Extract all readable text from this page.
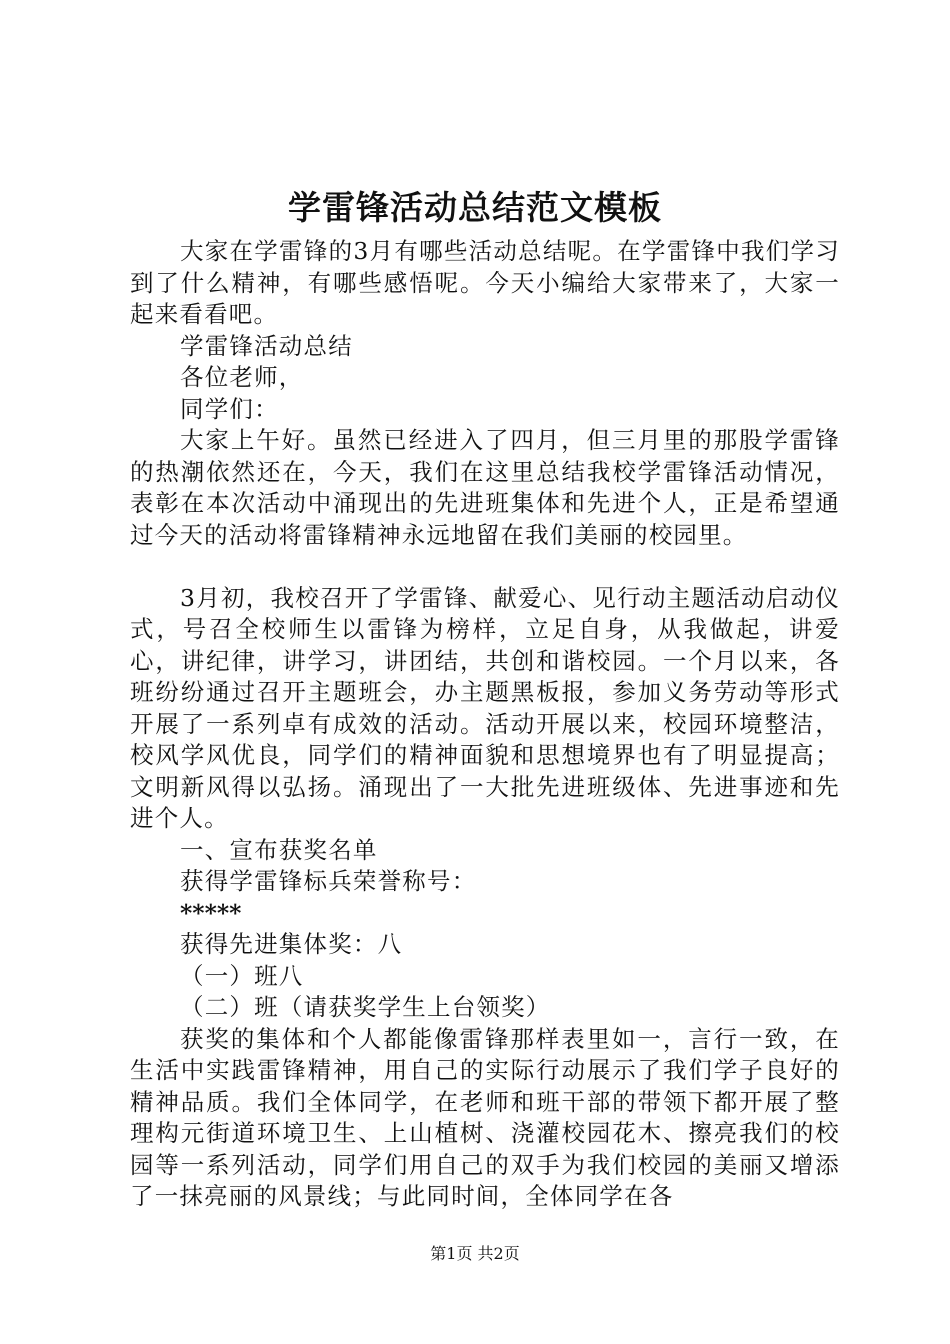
学雷锋活动总结范文模板

大家在学雷锋的3月有哪些活动总结呢。在学雷锋中我们学习到了什么精神，有哪些感悟呢。今天小编给大家带来了，大家一起来看看吧。

学雷锋活动总结

各位老师，

同学们：

大家上午好。虽然已经进入了四月，但三月里的那股学雷锋的热潮依然还在，今天，我们在这里总结我校学雷锋活动情况，表彰在本次活动中涌现出的先进班集体和先进个人，正是希望通过今天的活动将雷锋精神永远地留在我们美丽的校园里。

3月初，我校召开了学雷锋、献爱心、见行动主题活动启动仪式，号召全校师生以雷锋为榜样，立足自身，从我做起，讲爱心，讲纪律，讲学习，讲团结，共创和谐校园。一个月以来，各班纷纷通过召开主题班会，办主题黑板报，参加义务劳动等形式开展了一系列卓有成效的活动。活动开展以来，校园环境整洁，校风学风优良，同学们的精神面貌和思想境界也有了明显提高；文明新风得以弘扬。涌现出了一大批先进班级体、先进事迹和先进个人。

一、宣布获奖名单

获得学雷锋标兵荣誉称号：

*****

获得先进集体奖：八

（一）班八

（二）班（请获奖学生上台领奖）

获奖的集体和个人都能像雷锋那样表里如一，言行一致，在生活中实践雷锋精神，用自己的实际行动展示了我们学子良好的精神品质。我们全体同学，在老师和班干部的带领下都开展了整理构元街道环境卫生、上山植树、浇灌校园花木、擦亮我们的校园等一系列活动，同学们用自己的双手为我们校园的美丽又增添了一抹亮丽的风景线；与此同时间，全体同学在各

第1页 共2页
